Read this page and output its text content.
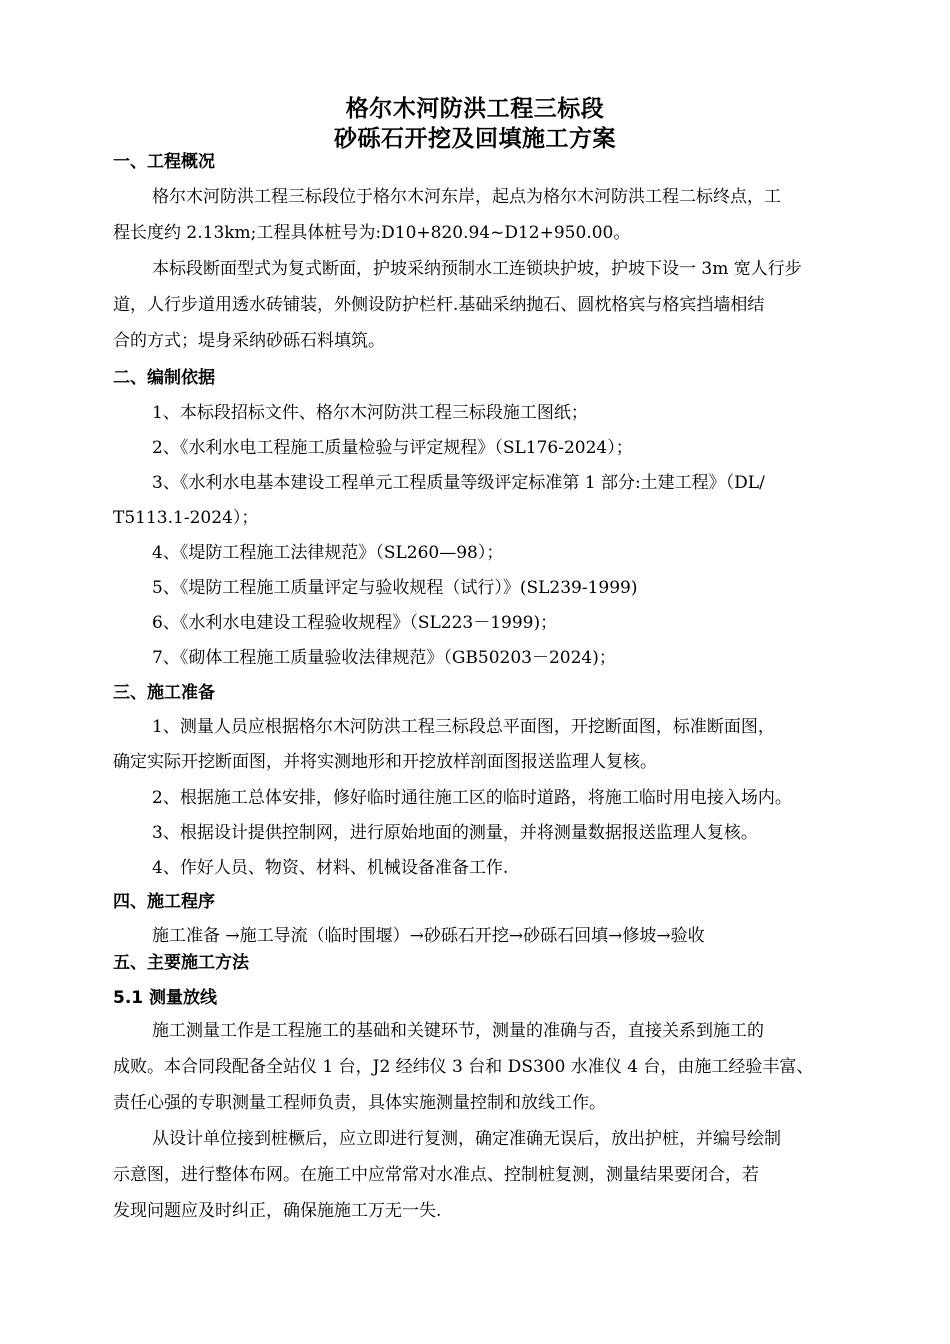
格尔木河防洪工程三标段
砂砾石开挖及回填施工方案
一、工程概况
格尔木河防洪工程三标段位于格尔木河东岸，起点为格尔木河防洪工程二标终点，工
程长度约 2.13km;工程具体桩号为:D10+820.94~D12+950.00。
本标段断面型式为复式断面，护坡采纳预制水工连锁块护坡，护坡下设一 3m 宽人行步
道，人行步道用透水砖铺装，外侧设防护栏杆.基础采纳抛石、圆枕格宾与格宾挡墙相结
合的方式；堤身采纳砂砾石料填筑。
二、编制依据
1、本标段招标文件、格尔木河防洪工程三标段施工图纸；
2、《水利水电工程施工质量检验与评定规程》（SL176-2024）；
3、《水利水电基本建设工程单元工程质量等级评定标准第 1 部分:土建工程》（DL/
T5113.1-2024）；
4、《堤防工程施工法律规范》（SL260—98）；
5、《堤防工程施工质量评定与验收规程（试行）》(SL239-1999)
6、《水利水电建设工程验收规程》（SL223－1999)；
7、《砌体工程施工质量验收法律规范》（GB50203－2024)；
三、施工准备
1、测量人员应根据格尔木河防洪工程三标段总平面图，开挖断面图，标准断面图，
确定实际开挖断面图，并将实测地形和开挖放样剖面图报送监理人复核。
2、根据施工总体安排，修好临时通往施工区的临时道路，将施工临时用电接入场内。
3、根据设计提供控制网，进行原始地面的测量，并将测量数据报送监理人复核。
4、作好人员、物资、材料、机械设备准备工作.
四、施工程序
施工准备 →施工导流（临时围堰）→砂砾石开挖→砂砾石回填→修坡→验收
五、主要施工方法
5.1 测量放线
施工测量工作是工程施工的基础和关键环节，测量的准确与否，直接关系到施工的
成败。本合同段配备全站仪 1 台，J2 经纬仪 3 台和 DS300 水准仪 4 台，由施工经验丰富、
责任心强的专职测量工程师负责，具体实施测量控制和放线工作。
从设计单位接到桩橛后，应立即进行复测，确定准确无误后，放出护桩，并编号绘制
示意图，进行整体布网。在施工中应常常对水准点、控制桩复测，测量结果要闭合，若
发现问题应及时纠正，确保施施工万无一失.
